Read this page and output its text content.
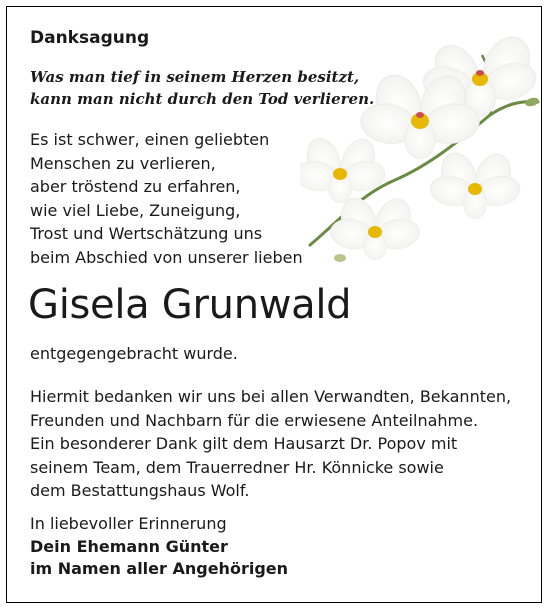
Danksagung
Was man tief in seinem Herzen besitzt,
kann man nicht durch den Tod verlieren.
Es ist schwer, einen geliebten
Menschen zu verlieren,
aber tröstend zu erfahren,
wie viel Liebe, Zuneigung,
Trost und Wertschätzung uns
beim Abschied von unserer lieben
Gisela Grunwald
entgegengebracht wurde.
Hiermit bedanken wir uns bei allen Verwandten, Bekannten,
Freunden und Nachbarn für die erwiesene Anteilnahme.
Ein besonderer Dank gilt dem Hausarzt Dr. Popov mit
seinem Team, dem Trauerredner Hr. Könnicke sowie
dem Bestattungshaus Wolf.
In liebevoller Erinnerung
Dein Ehemann Günter
im Namen aller Angehörigen
